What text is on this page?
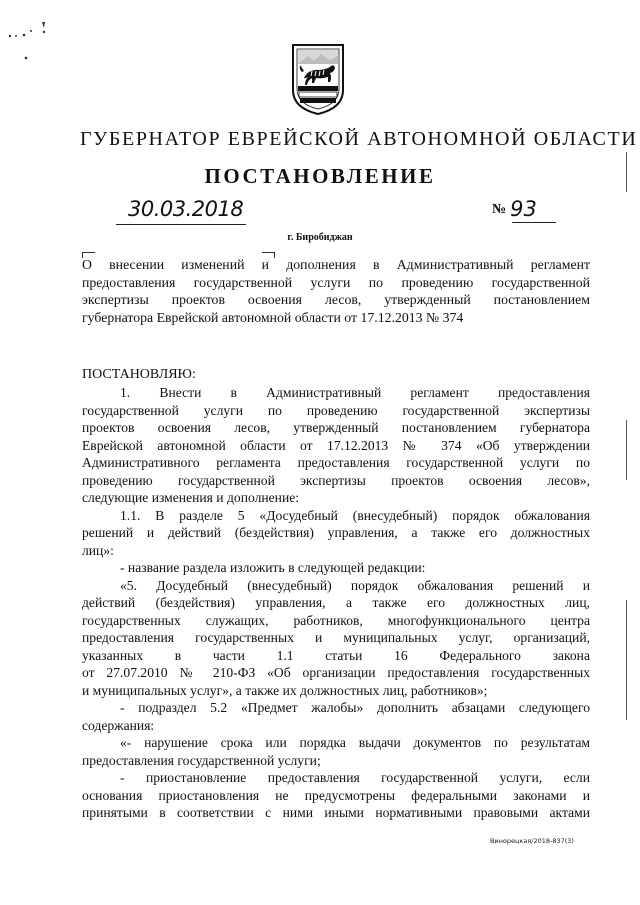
ГУБЕРНАТОР ЕВРЕЙСКОЙ АВТОНОМНОЙ ОБЛАСТИ
ПОСТАНОВЛЕНИЕ
30.03.2018	№ 93
г. Биробиджан
О внесении изменений и дополнения в Административный регламент
предоставления государственной услуги по проведению государственной
экспертизы проектов освоения лесов, утвержденный постановлением
губернатора Еврейской автономной области от 17.12.2013 № 374
ПОСТАНОВЛЯЮ:
1. Внести в Административный регламент предоставления
государственной услуги по проведению государственной экспертизы
проектов освоения лесов, утвержденный постановлением губернатора
Еврейской автономной области от 17.12.2013 № 374 «Об утверждении
Административного регламента предоставления государственной услуги по
проведению государственной экспертизы проектов освоения лесов»,
следующие изменения и дополнение:
1.1. В разделе 5 «Досудебный (внесудебный) порядок обжалования
решений и действий (бездействия) управления, а также его должностных
лиц»:
- название раздела изложить в следующей редакции:
«5. Досудебный (внесудебный) порядок обжалования решений и
действий (бездействия) управления, а также его должностных лиц,
государственных служащих, работников, многофункционального центра
предоставления государственных и муниципальных услуг, организаций,
указанных в части 1.1 статьи 16 Федерального закона
от 27.07.2010 № 210-ФЗ «Об организации предоставления государственных
и муниципальных услуг», а также их должностных лиц, работников»;
- подраздел 5.2 «Предмет жалобы» дополнить абзацами следующего
содержания:
«- нарушение срока или порядка выдачи документов по результатам
предоставления государственной услуги;
- приостановление предоставления государственной услуги, если
основания приостановления не предусмотрены федеральными законами и
принятыми в соответствии с ними иными нормативными правовыми актами
Винорецкая/2018-837(3)
